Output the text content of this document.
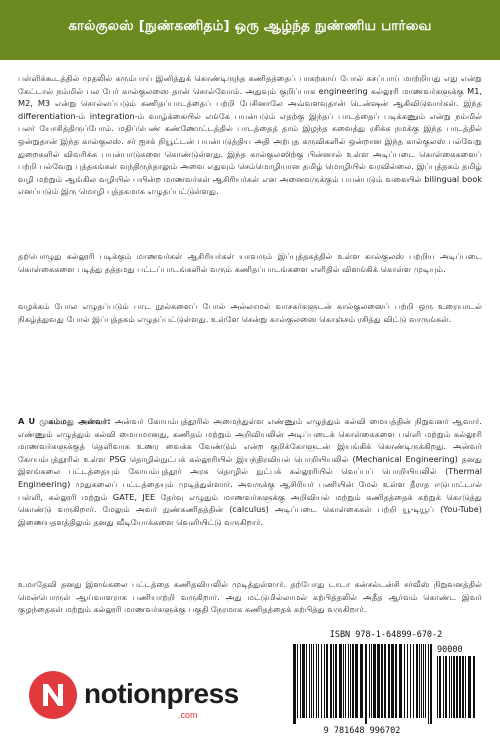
கால்குலஸ் [நுண்கணிதம்] ஒரு ஆழ்ந்த நுண்ணிய பார்வை
பள்ளிக்கூடத்தில் முதலில் கரும்பாய் இனித்துக் கொண்டிருந்த கணிதத்தைப் பாகற்காய் போல் கசப்பாய் மாற்றியது எது என்று கேட்டால் நம்மில் பல பேர் கால்குலஸை தான் சொல்வோம். அதுவும் குறிப்பாக engineering கல்லூரி மாணவர்களுக்கு M1, M2, M3 என்று சொல்லப்படும் கணிதப்பாடத்தைப் பற்றி பேசினாலே அவ்வளவுதான் டென்ஷன் ஆகிவிடுவார்கள். இந்த differentiation-ம் integration-ம் வாழ்க்கையில் எங்கே பயன்படும் எதற்கு இந்தப் பாடத்தைப் படிக்கணும் என்று நம்மில் பலர் யோசித்திருப்போம். மதிப்பெண் கண்ணோட்டத்தில் பாடத்தைத் தாம் இழந்த சுவைத்து ரசிக்க நமக்கு இந்த பாடத்தில் ஒன்றுதான் இந்த கால்குலஸ். சர் ஐசக் நியூட்டன் பயன்படுத்திய அதி அற்புத கருவிகளில் ஒன்றான இந்த கால்குலஸ் பல்வேறு துறைகளில் விவரிக்க பயன்பாடுகளை கொண்டுள்ளது. இந்த கால்குலஸிற்கு பின்னால் உள்ள அடிப்படை கொள்கைகளைப் பற்றி பல்வேறு புத்தகங்கள் வந்திருந்தாலும் அவை எதுவும் செம்மொழியான தமிழ் மொழியில் வரவில்லை. இப்புத்தகம் தமிழ் வழி மற்றும் ஆங்கில வழியில் பயின்ற மாணவர்கள் ஆசிரியர்கள் என அனைவருக்கும் பயன்படும் வகையில் bilingual book எனப்படும் இரு மொழி புத்தகமாக எழுதப்பட்டுள்ளது.
தற்பொழுது கல்லூரி படிக்கும் மாணவர்கள் ஆசிரியர்கள் யாவரும் இப்புத்தகத்தில் உள்ள கால்குலஸ் பற்றிய அடிப்படை கொள்கைகளை படித்து தத்தமது பட்டப்பாடங்களில் வரும் கணிதப்பாடங்களை எளிதில் விளங்கிக் கொள்ள முடியும்.
வழக்கம் போல எழுதப்படும் பாட நூல்களைப் போல் அல்லாமல் வாசகர்களுடன் கால்குலஸைப் பற்றி ஒரு உரையாடல் நிகழ்த்துவது போல் இப்புத்தகம் எழுதப்பட்டுள்ளது. உள்ளே சென்று கால்குலஸை கொஞ்சம் ரசித்து விட்டு வாருங்கள்.
A U முகம்மது அன்வர்: அன்வர் கோயம்புத்தூரில் அமைந்துள்ள எண்ணும் எழுத்தும் கல்வி மையத்தின் நிறுவனர் ஆவார். எண்ணும் எழுத்தும் கல்வி மையமானது, கணிதம் மற்றும் அறிவியலின் அடிப்படைக் கொள்கைகளை பள்ளி மற்றும் கல்லூரி மாணவர்களுக்குத் தெளிவாக உணர வைக்க வேண்டும் என்ற குறிக்கோளுடன் இயங்கிக் கொண்டிருக்கிறது. அன்வர் கோயம்புத்தூரில் உள்ள PSG தொழில்நுட்பக் கல்லூரியில் இயந்திரவியல் பொறியியலில் (Mechanical Engineering) தனது இளங்கலை பட்டத்தையும் கோயம்புத்தூர் அரசு தொழில் நுட்பக் கல்லூரியில் வெப்பப் பொறியியலில் (Thermal Engineering) முதுகலைப் பட்டத்தையும் முடித்துள்ளார். அவருக்கு ஆசிரியர் பணியின் மேல் உள்ள தீராத ஈடுபாட்டால் பள்ளி, கல்லூரி மற்றும் GATE, JEE தேர்வு எழுதும் மாணவர்களுக்கு அறிவியல் மற்றும் கணிதத்தைக் கற்றுக் கொடுத்து கொண்டு வருகிறார். மேலும் அவர் நுண்கணிதத்தின் (calculus) அடிப்படை கொள்கைகள் பற்றி யூ-டியூப் (You-Tube) இணையதளத்திலும் தனது வீடியோக்களை வெளியிட்டு வருகிறார்.
உமாதேவி தனது இளங்கலை பட்டத்தை கணிதவியலில் முடித்துள்ளார். தற்போது டாடா கன்சல்டன்சி சர்வீஸ் நிறுவனத்தில் மென்பொருள் ஆய்வாளராக பணியாற்றி வருகிறார். அது மட்டுமில்லாமல் கற்பித்தலில் அதீத ஆர்வம் கொண்ட இவர் குழந்தைகள் மற்றும் கல்லூரி மாணவர்களுக்கு பகுதி நேரமாக கணிதத்தைக் கற்பித்து வருகிறார்.
ISBN 978-1-64899-670-2
90000
9 781648 996702
notionpress
.com
